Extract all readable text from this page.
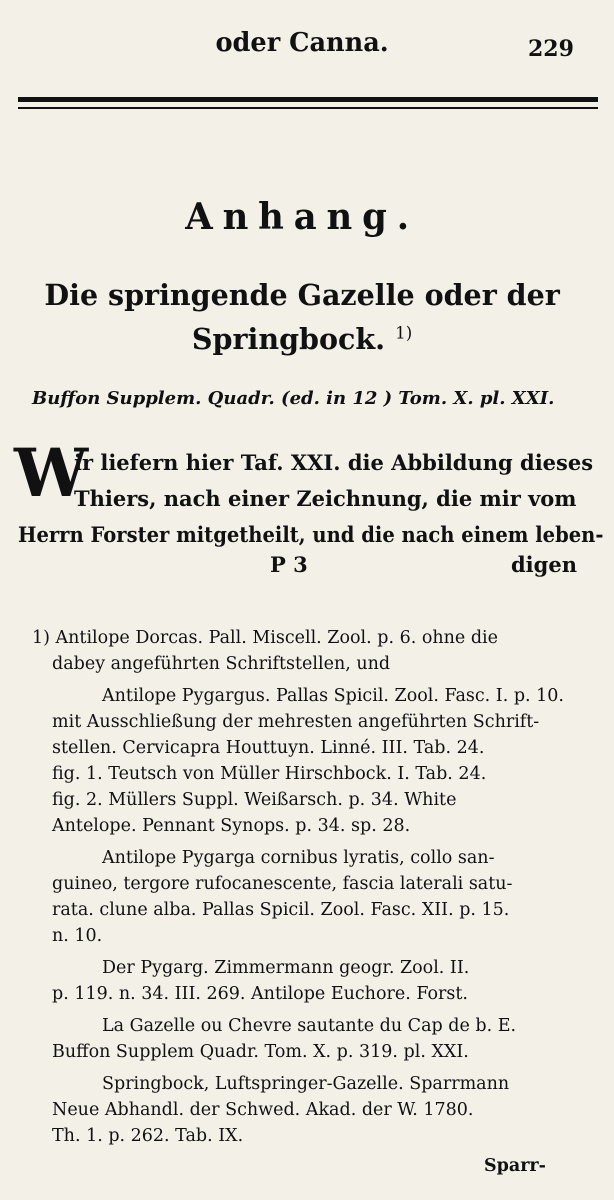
oder Canna.	229
Anhang.
Die springende Gazelle oder der
Springbock. $^{1)}$
Buffon Supplem. Quadr. (ed. in 12 ) Tom. X. pl. XXI.
W
ir liefern hier Taf. XXI. die Abbildung dieses
Thiers, nach einer Zeichnung, die mir vom
Herrn Forster mitgetheilt, und die nach einem leben-
P 3	digen
1) Antilope Dorcas. Pall. Miscell. Zool. p. 6. ohne die
dabey angeführten Schriftstellen, und
Antilope Pygargus. Pallas Spicil. Zool. Fasc. I. p. 10.
mit Ausschließung der mehresten angeführten Schrift-
stellen. Cervicapra Houttuyn. Linné. III. Tab. 24.
fig. 1. Teutsch von Müller Hirschbock. I. Tab. 24.
fig. 2. Müllers Suppl. Weißarsch. p. 34. White
Antelope. Pennant Synops. p. 34. sp. 28.
Antilope Pygarga cornibus lyratis, collo san-
guineo, tergore rufocanescente, fascia laterali satu-
rata. clune alba. Pallas Spicil. Zool. Fasc. XII. p. 15.
n. 10.
Der Pygarg. Zimmermann geogr. Zool. II.
p. 119. n. 34. III. 269. Antilope Euchore. Forst.
La Gazelle ou Chevre sautante du Cap de b. E.
Buffon Supplem Quadr. Tom. X. p. 319. pl. XXI.
Springbock, Luftspringer-Gazelle. Sparrmann
Neue Abhandl. der Schwed. Akad. der W. 1780.
Th. 1. p. 262. Tab. IX.
Sparr-
